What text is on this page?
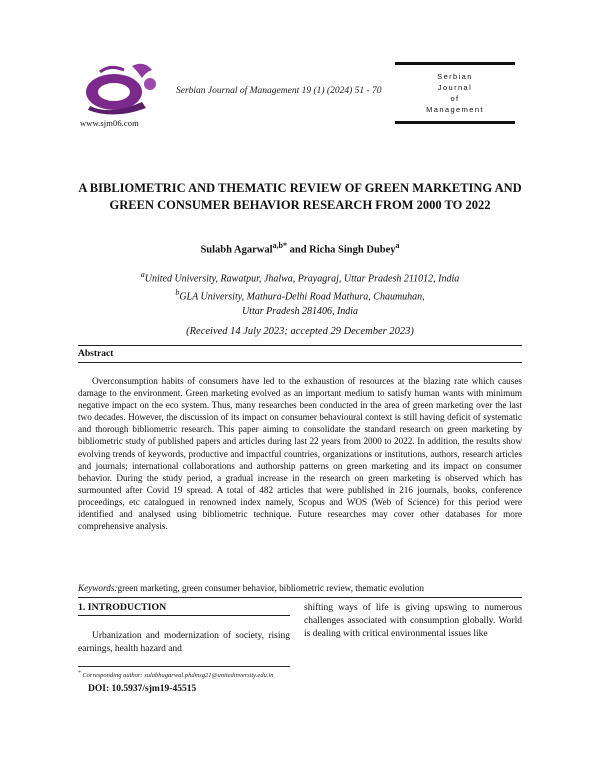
www.sjm06.com
Serbian Journal of Management 19 (1) (2024) 51 - 70
Serbian
Journal
of
Management
A BIBLIOMETRIC AND THEMATIC REVIEW OF GREEN MARKETING AND GREEN CONSUMER BEHAVIOR RESEARCH FROM 2000 TO 2022
Sulabh Agarwal$^{a,b*}$ and Richa Singh Dubey$^a$
$^a$United University, Rawatpur, Jhalwa, Prayagraj, Uttar Pradesh 211012, India
$^b$GLA University, Mathura-Delhi Road Mathura, Chaumuhan,
Uttar Pradesh 281406, India
(Received 14 July 2023; accepted 29 December 2023)
Abstract
Overconsumption habits of consumers have led to the exhaustion of resources at the blazing rate which causes damage to the environment. Green marketing evolved as an important medium to satisfy human wants with minimum negative impact on the eco system. Thus, many researches been conducted in the area of green marketing over the last two decades. However, the discussion of its impact on consumer behavioural context is still having deficit of systematic and thorough bibliometric research. This paper aiming to consolidate the standard research on green marketing by bibliometric study of published papers and articles during last 22 years from 2000 to 2022. In addition, the results show evolving trends of keywords, productive and impactful countries, organizations or institutions, authors, research articles and journals; international collaborations and authorship patterns on green marketing and its impact on consumer behavior. During the study period, a gradual increase in the research on green marketing is observed which has surmounted after Covid 19 spread. A total of 482 articles that were published in 216 journals, books, conference proceedings, etc catalogued in renowned index namely, Scopus and WOS (Web of Science) for this period were identified and analysed using bibliometric technique. Future researches may cover other databases for more comprehensive analysis.
Keywords:green marketing, green consumer behavior, bibliometric review, thematic evolution
1. INTRODUCTION
Urbanization and modernization of society, rising earnings, health hazard and
shifting ways of life is giving upswing to numerous challenges associated with consumption globally. World is dealing with critical environmental issues like
* Corresponding author: sulabhagarwal.phdmsg21@unitedinversity.edu.in
DOI: 10.5937/sjm19-45515
